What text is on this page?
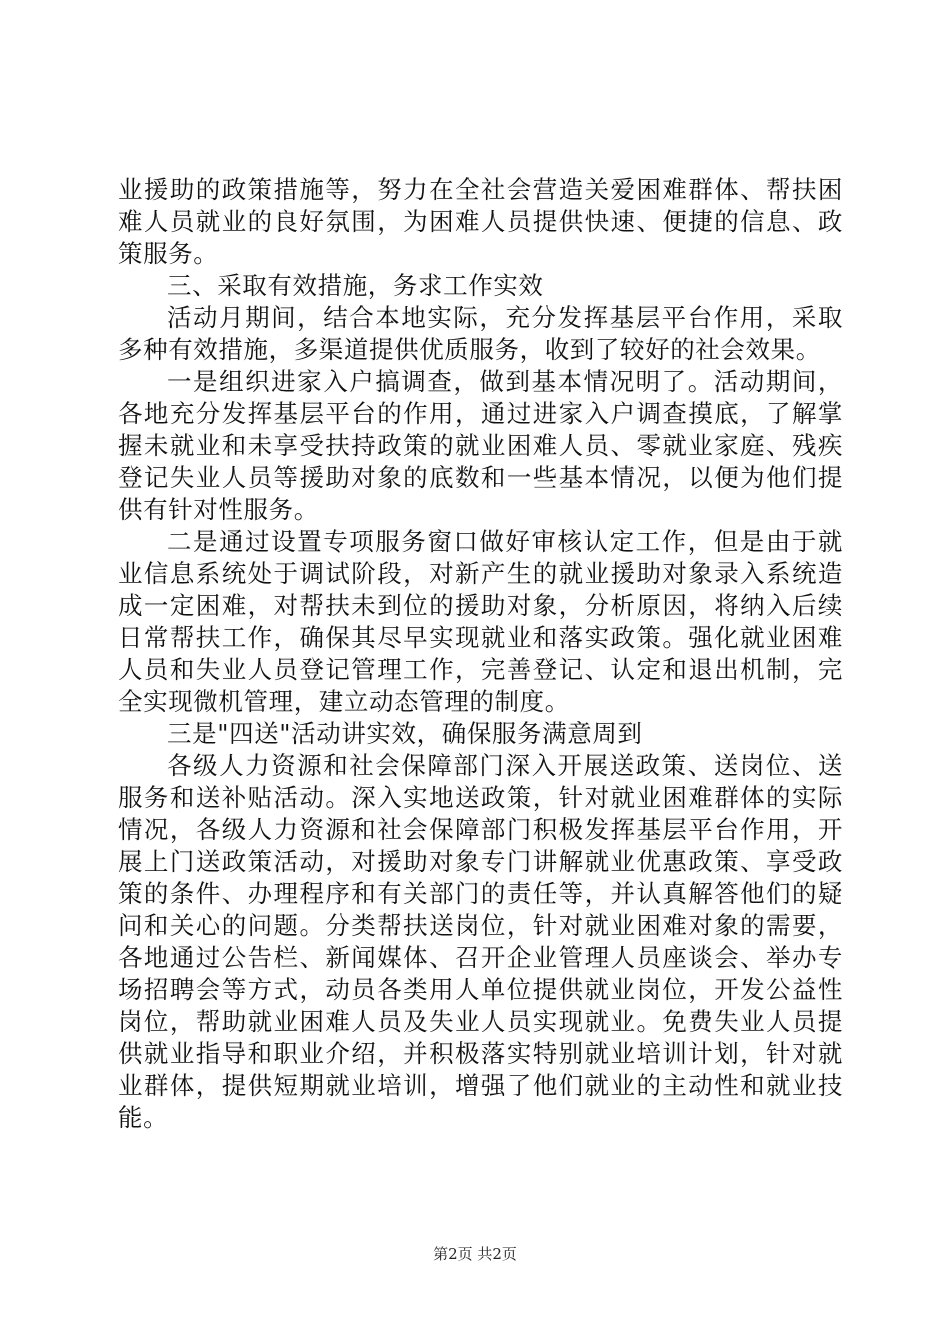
业援助的政策措施等，努力在全社会营造关爱困难群体、帮扶困难人员就业的良好氛围，为困难人员提供快速、便捷的信息、政策服务。

三、采取有效措施，务求工作实效

活动月期间，结合本地实际，充分发挥基层平台作用，采取多种有效措施，多渠道提供优质服务，收到了较好的社会效果。

一是组织进家入户搞调查，做到基本情况明了。活动期间，各地充分发挥基层平台的作用，通过进家入户调查摸底，了解掌握未就业和未享受扶持政策的就业困难人员、零就业家庭、残疾登记失业人员等援助对象的底数和一些基本情况，以便为他们提供有针对性服务。

二是通过设置专项服务窗口做好审核认定工作，但是由于就业信息系统处于调试阶段，对新产生的就业援助对象录入系统造成一定困难，对帮扶未到位的援助对象，分析原因，将纳入后续日常帮扶工作，确保其尽早实现就业和落实政策。强化就业困难人员和失业人员登记管理工作，完善登记、认定和退出机制，完全实现微机管理，建立动态管理的制度。

三是"四送"活动讲实效，确保服务满意周到

各级人力资源和社会保障部门深入开展送政策、送岗位、送服务和送补贴活动。深入实地送政策，针对就业困难群体的实际情况，各级人力资源和社会保障部门积极发挥基层平台作用，开展上门送政策活动，对援助对象专门讲解就业优惠政策、享受政策的条件、办理程序和有关部门的责任等，并认真解答他们的疑问和关心的问题。分类帮扶送岗位，针对就业困难对象的需要，各地通过公告栏、新闻媒体、召开企业管理人员座谈会、举办专场招聘会等方式，动员各类用人单位提供就业岗位，开发公益性岗位，帮助就业困难人员及失业人员实现就业。免费失业人员提供就业指导和职业介绍，并积极落实特别就业培训计划，针对就业群体，提供短期就业培训，增强了他们就业的主动性和就业技能。

第2页 共2页
